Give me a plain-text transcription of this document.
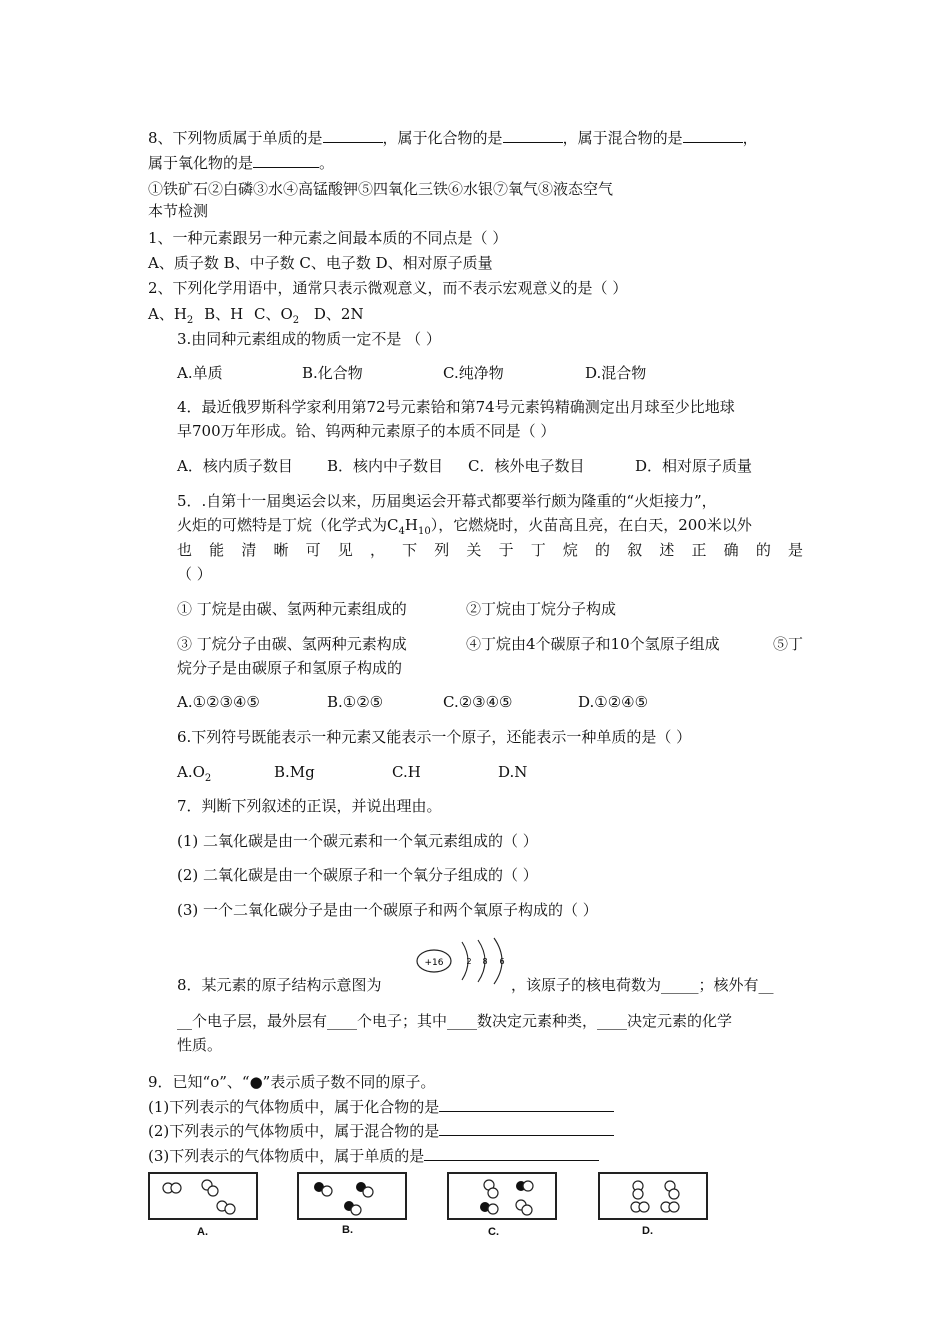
8、下列物质属于单质的是	，属于化合物的是	，属于混合物的是	，
属于氧化物的是	。
①铁矿石②白磷③水④高锰酸钾⑤四氧化三铁⑥水银⑦氧气⑧液态空气
本节检测
1、一种元素跟另一种元素之间最本质的不同点是（ ）
A、质子数 B、中子数 C、电子数 D、相对原子质量
2、下列化学用语中，通常只表示微观意义，而不表示宏观意义的是（ ）
A、$H_2$ B、H C、$O_2$ D、2N
3.由同种元素组成的物质一定不是 （ ）
A.单质	B.化合物	C.纯净物	D.混合物
4．最近俄罗斯科学家利用第72号元素铪和第74号元素钨精确测定出月球至少比地球
早700万年形成。铪、钨两种元素原子的本质不同是（ ）
A．核内质子数目 B．核内中子数目 C．核外电子数目	D．相对原子质量
5．.自第十一届奥运会以来，历届奥运会开幕式都要举行颇为隆重的“火炬接力”，
火炬的可燃特是丁烷（化学式为$C_4H_{10}$），它燃烧时，火苗高且亮，在白天，200米以外
也能清晰可见，下列关于丁烷的叙述正确的是
（ ）
① 丁烷是由碳、氢两种元素组成的	②丁烷由丁烷分子构成
③ 丁烷分子由碳、氢两种元素构成	④丁烷由4个碳原子和10个氢原子组成	⑤丁
烷分子是由碳原子和氢原子构成的
A.①②③④⑤	B.①②⑤	C.②③④⑤	D.①②④⑤
6.下列符号既能表示一种元素又能表示一个原子，还能表示一种单质的是（ ）
$A.O_2$	B.Mg	C.H	D.N
7．判断下列叙述的正误，并说出理由。
(1) 二氧化碳是由一个碳元素和一个氧元素组成的（ ）
(2) 二氧化碳是由一个碳原子和一个氧分子组成的（ ）
(3) 一个二氧化碳分子是由一个碳原子和两个氧原子构成的（ ）
8．某元素的原子结构示意图为
+16	2 8 6
，该原子的核电荷数为_____；核外有__
__个电子层，最外层有____个电子；其中____数决定元素种类，____决定元素的化学
性质。
9．已知“o”、“●”表示质子数不同的原子。
(1)下列表示的气体物质中，属于化合物的是
(2)下列表示的气体物质中，属于混合物的是
(3)下列表示的气体物质中，属于单质的是
A.	B.	C.	D.
